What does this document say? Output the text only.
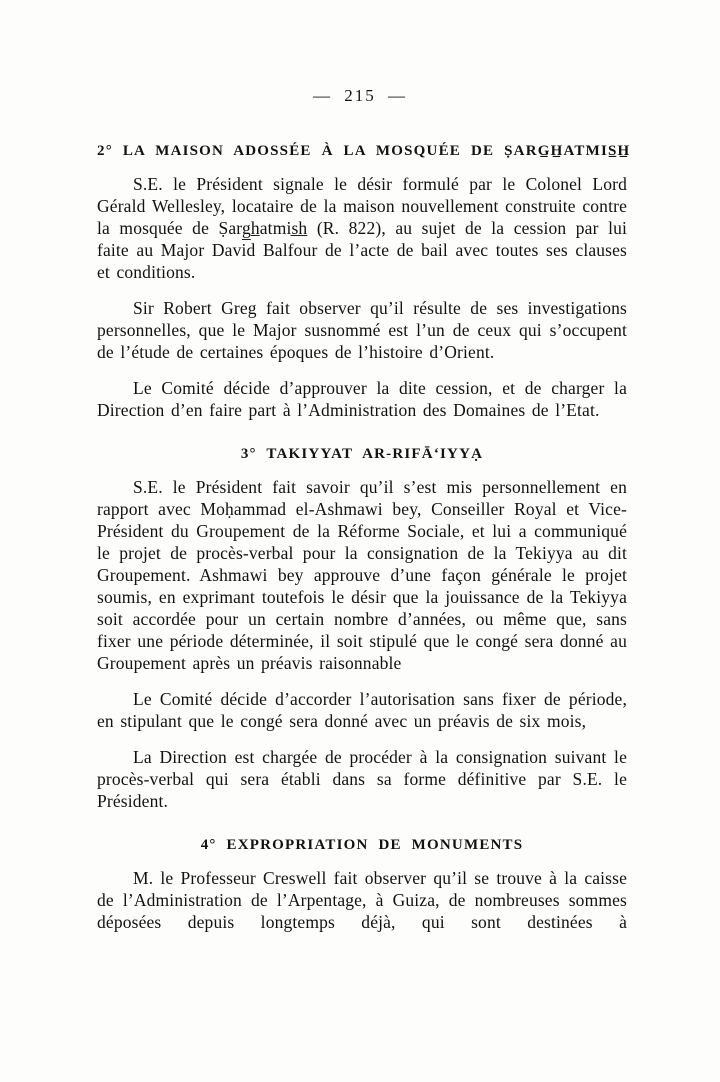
— 215 —
2° LA MAISON ADOSSÉE À LA MOSQUÉE DE ṢARG̲H̲ATMIS̲H̲

S.E. le Président signale le désir formulé par le Colonel Lord Gérald Wellesley, locataire de la maison nouvellement construite contre la mosquée de Ṣarg̲h̲atmis̲h̲ (R. 822), au sujet de la cession par lui faite au Major David Balfour de l’acte de bail avec toutes ses clauses et conditions.

Sir Robert Greg fait observer qu’il résulte de ses investigations personnelles, que le Major susnommé est l’un de ceux qui s’occupent de l’étude de certaines époques de l’histoire d’Orient.

Le Comité décide d’approuver la dite cession, et de charger la Direction d’en faire part à l’Administration des Domaines de l’Etat.

3° TAKIYYAT AR-RIFĀ‘IYYẠ

S.E. le Président fait savoir qu’il s’est mis personnellement en rapport avec Moḥammad el-Ashmawi bey, Conseiller Royal et Vice-Président du Groupement de la Réforme Sociale, et lui a communiqué le projet de procès-verbal pour la consignation de la Tekiyya au dit Groupement. Ashmawi bey approuve d’une façon générale le projet soumis, en exprimant toutefois le désir que la jouissance de la Tekiyya soit accordée pour un certain nombre d’années, ou même que, sans fixer une période déterminée, il soit stipulé que le congé sera donné au Groupement après un préavis raisonnable

Le Comité décide d’accorder l’autorisation sans fixer de période, en stipulant que le congé sera donné avec un préavis de six mois,

La Direction est chargée de procéder à la consignation suivant le procès-verbal qui sera établi dans sa forme définitive par S.E. le Président.

4° EXPROPRIATION DE MONUMENTS

M. le Professeur Creswell fait observer qu’il se trouve à la caisse de l’Administration de l’Arpentage, à Guiza, de nombreuses sommes déposées depuis longtemps déjà, qui sont destinées à
